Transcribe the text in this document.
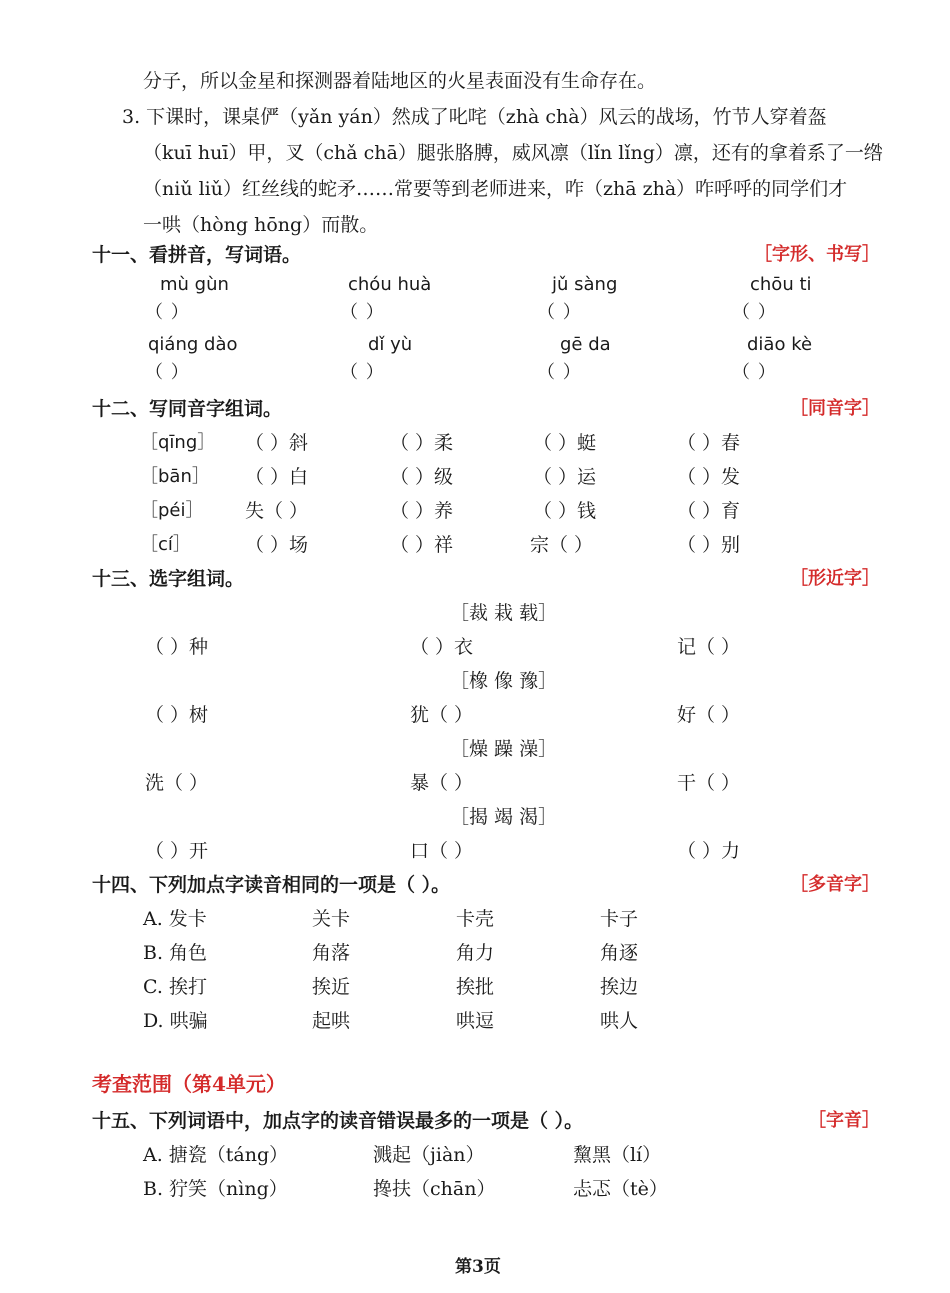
分子，所以金星和探测器着陆地区的火星表面没有生命存在。
3. 下课时，课桌俨（yǎn yán）然成了叱咤（zhà chà）风云的战场，竹节人穿着盔
（kuī huī）甲，叉（chǎ chā）腿张胳膊，威风凛（lǐn lǐng）凛，还有的拿着系了一绺
（niǔ liǔ）红丝线的蛇矛……常要等到老师进来，咋（zhā zhà）咋呼呼的同学们才
一哄（hòng hōng）而散。
十一、看拼音，写词语。	［字形、书写］
mù gùn	chóu huà	jǔ sàng	chōu ti
（ ）	（ ）	（ ）	（ ）
qiáng dào	dǐ yù	gē da	diāo kè
（ ）	（ ）	（ ）	（ ）
十二、写同音字组词。	［同音字］
［qīng］ （ ）斜	（ ）柔	（ ）蜓	（ ）春
［bān］ （ ）白	（ ）级	（ ）运	（ ）发
［péi］ 失（ ）	（ ）养	（ ）钱	（ ）育
［cí］	（ ）场	（ ）祥	宗（ ）	（ ）别
十三、选字组词。	［形近字］
［裁 栽 载］
（ ）种	（ ）衣	记（ ）
［橡 像 豫］
（ ）树	犹（ ）	好（ ）
［燥 躁 澡］
洗（ ）	暴（ ）	干（ ）
［揭 竭 渴］
（ ）开	口（ ）	（ ）力
十四、下列加点字读音相同的一项是（ ）。	［多音字］
A. 发卡	关卡	卡壳	卡子
B. 角色	角落	角力	角逐
C. 挨打	挨近	挨批	挨边
D. 哄骗	起哄	哄逗	哄人
考查范围（第4单元）
十五、下列词语中，加点字的读音错误最多的一项是（ ）。	［字音］
A. 搪瓷（táng）	溅起（jiàn）	黧黑（lí）
B. 狞笑（nìng）	搀扶（chān）	忐忑（tè）
第3页
